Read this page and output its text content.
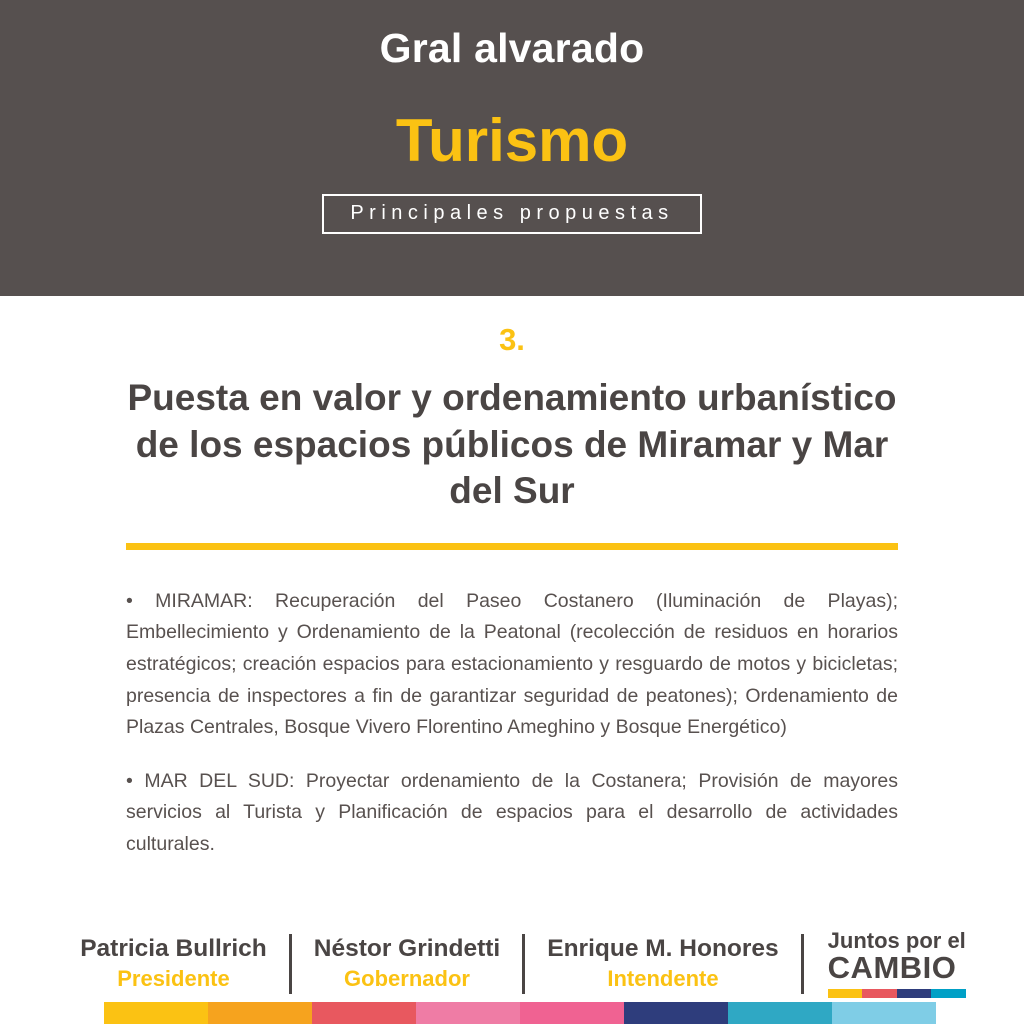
Gral alvarado
Turismo
Principales propuestas
3.
Puesta en valor y ordenamiento urbanístico de los espacios públicos de Miramar y Mar del Sur

• MIRAMAR: Recuperación del Paseo Costanero (Iluminación de Playas); Embellecimiento y Ordenamiento de la Peatonal (recolección de residuos en horarios estratégicos; creación espacios para estacionamiento y resguardo de motos y bicicletas; presencia de inspectores a fin de garantizar seguridad de peatones); Ordenamiento de Plazas Centrales, Bosque Vivero Florentino Ameghino y Bosque Energético)

• MAR DEL SUD: Proyectar ordenamiento de la Costanera; Provisión de mayores servicios al Turista y Planificación de espacios para el desarrollo de actividades culturales.

Patricia Bullrich
Presidente
Néstor Grindetti
Gobernador
Enrique M. Honores
Intendente
Juntos por el
CAMBIO
